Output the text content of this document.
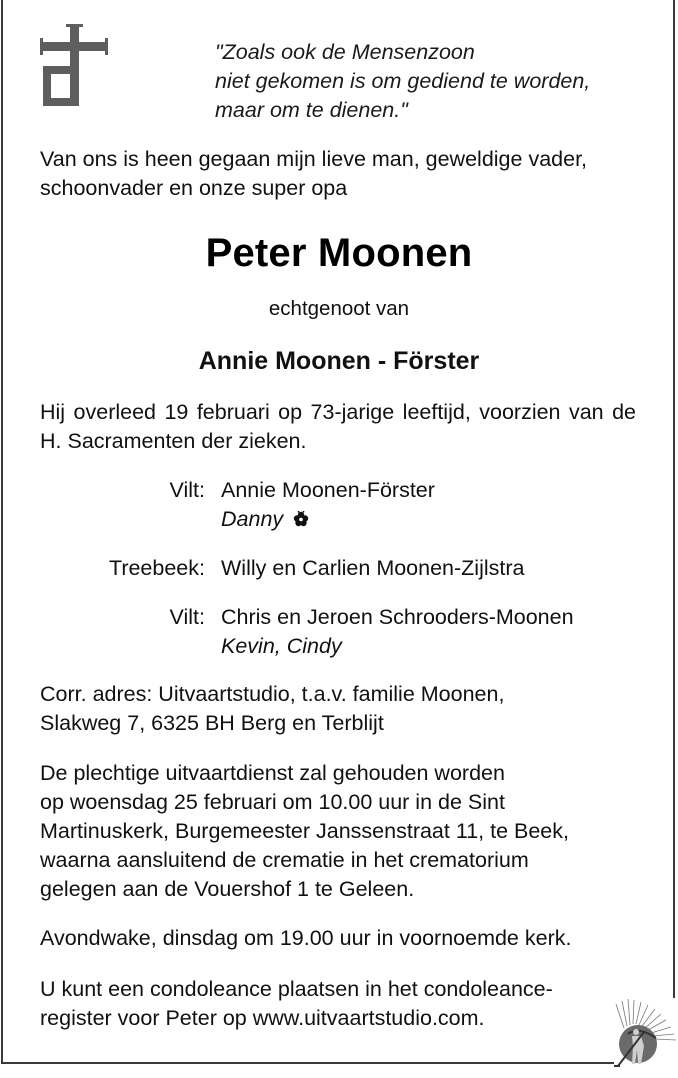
"Zoals ook de Mensenzoon
niet gekomen is om gediend te worden,
maar om te dienen."
Van ons is heen gegaan mijn lieve man, geweldige vader,
schoonvader en onze super opa
Peter Moonen
echtgenoot van
Annie Moonen - Förster
Hij overleed 19 februari op 73-jarige leeftijd, voorzien van de H. Sacramenten der zieken.
Vilt: Annie Moonen-Förster
Danny
Treebeek: Willy en Carlien Moonen-Zijlstra
Vilt: Chris en Jeroen Schrooders-Moonen
Kevin, Cindy
Corr. adres: Uitvaartstudio, t.a.v. familie Moonen,
Slakweg 7, 6325 BH Berg en Terblijt
De plechtige uitvaartdienst zal gehouden worden
op woensdag 25 februari om 10.00 uur in de Sint
Martinuskerk, Burgemeester Janssenstraat 11, te Beek,
waarna aansluitend de crematie in het crematorium
gelegen aan de Vouershof 1 te Geleen.
Avondwake, dinsdag om 19.00 uur in voornoemde kerk.
U kunt een condoleance plaatsen in het condoleance-
register voor Peter op www.uitvaartstudio.com.
